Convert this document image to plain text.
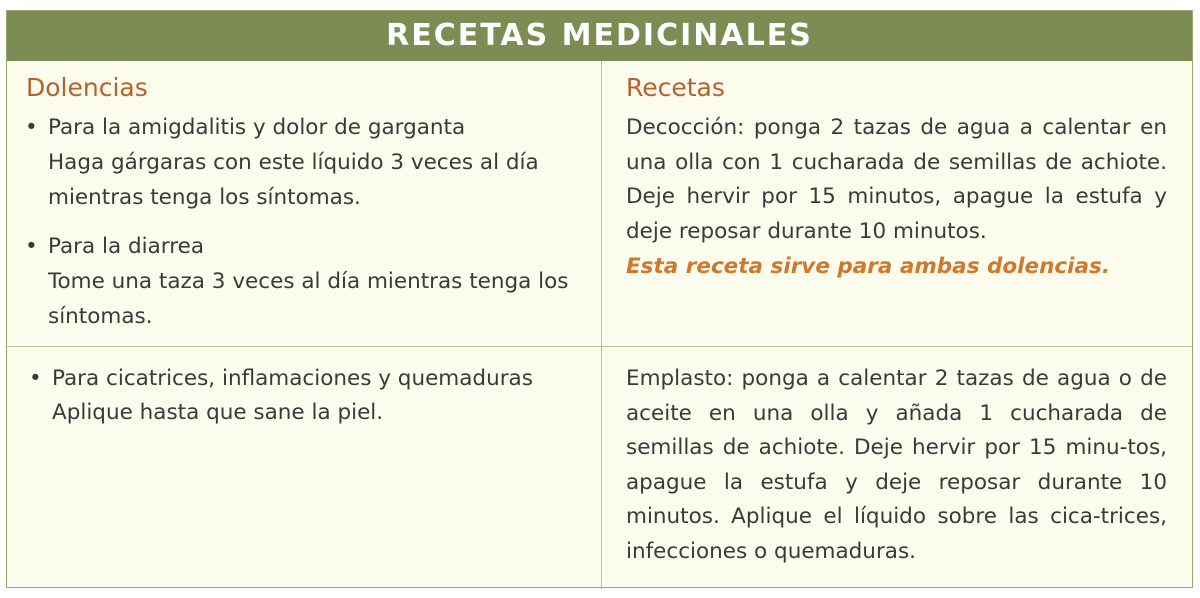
RECETAS MEDICINALES
Dolencias	Recetas
• Para la amigdalitis y dolor de garganta
Haga gárgaras con este líquido 3 veces al día mientras tenga los síntomas.
• Para la diarrea
Tome una taza 3 veces al día mientras tenga los síntomas.
Decocción: ponga 2 tazas de agua a calentar en una olla con 1 cucharada de semillas de achiote. Deje hervir por 15 minutos, apague la estufa y deje reposar durante 10 minutos.
Esta receta sirve para ambas dolencias.
• Para cicatrices, inflamaciones y quemaduras
Aplique hasta que sane la piel.
Emplasto: ponga a calentar 2 tazas de agua o de aceite en una olla y añada 1 cucharada de semillas de achiote. Deje hervir por 15 minu-tos, apague la estufa y deje reposar durante 10 minutos. Aplique el líquido sobre las cica-trices, infecciones o quemaduras.
